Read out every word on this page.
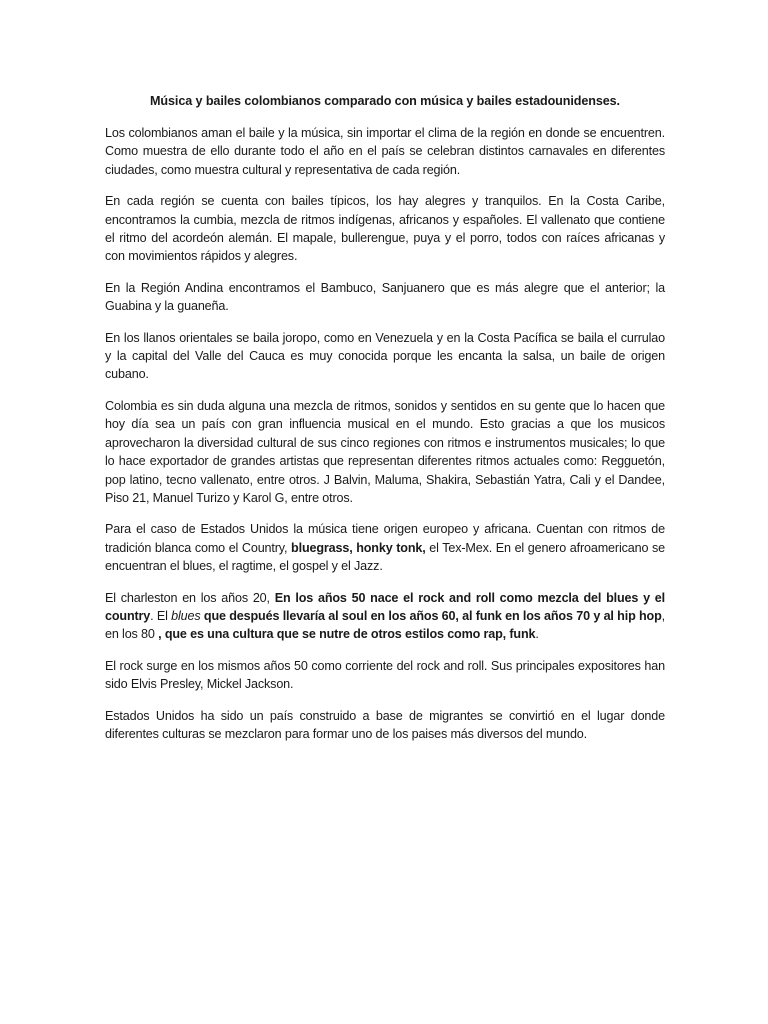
Música y bailes colombianos comparado con música y bailes estadounidenses.

Los colombianos aman el baile y la música, sin importar el clima de la región en donde se encuentren. Como muestra de ello durante todo el año en el país se celebran distintos carnavales en diferentes ciudades, como muestra cultural y representativa de cada región.

En cada región se cuenta con bailes típicos, los hay alegres y tranquilos. En la Costa Caribe, encontramos la cumbia, mezcla de ritmos indígenas, africanos y españoles. El vallenato que contiene el ritmo del acordeón alemán. El mapale, bullerengue, puya y el porro, todos con raíces africanas y con movimientos rápidos y alegres.

En la Región Andina encontramos el Bambuco, Sanjuanero que es más alegre que el anterior; la Guabina y la guaneña.

En los llanos orientales se baila joropo, como en Venezuela y en la Costa Pacífica se baila el currulao y la capital del Valle del Cauca es muy conocida porque les encanta la salsa, un baile de origen cubano.

Colombia es sin duda alguna una mezcla de ritmos, sonidos y sentidos en su gente que lo hacen que hoy día sea un país con gran influencia musical en el mundo. Esto gracias a que los musicos aprovecharon la diversidad cultural de sus cinco regiones con ritmos e instrumentos musicales; lo que lo hace exportador de grandes artistas que representan diferentes ritmos actuales como: Regguetón, pop latino, tecno vallenato, entre otros. J Balvin, Maluma, Shakira, Sebastián Yatra, Cali y el Dandee, Piso 21, Manuel Turizo y Karol G, entre otros.

Para el caso de Estados Unidos la música tiene origen europeo y africana. Cuentan con ritmos de tradición blanca como el Country, bluegrass, honky tonk, el Tex-Mex. En el genero afroamericano se encuentran el blues, el ragtime, el gospel y el Jazz.

El charleston en los años 20, En los años 50 nace el rock and roll como mezcla del blues y el country. El blues que después llevaría al soul en los años 60, al funk en los años 70 y al hip hop, en los 80 , que es una cultura que se nutre de otros estilos como rap, funk.

El rock surge en los mismos años 50 como corriente del rock and roll. Sus principales expositores han sido Elvis Presley, Mickel Jackson.

Estados Unidos ha sido un país construido a base de migrantes se convirtió en el lugar donde diferentes culturas se mezclaron para formar uno de los paises más diversos del mundo.
